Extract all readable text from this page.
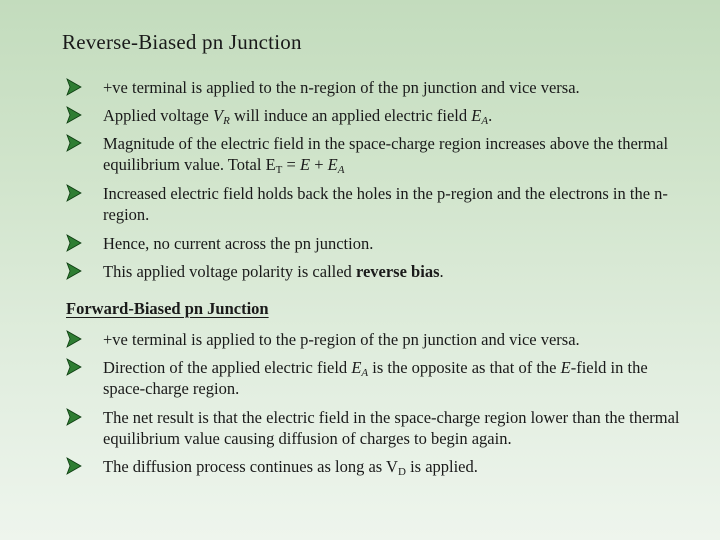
Reverse-Biased pn Junction
+ve terminal is applied to the n-region of the pn junction and vice versa.
Applied voltage $V_R$ will induce an applied electric field $E_A$.
Magnitude of the electric field in the space-charge region increases above the thermal equilibrium value. Total $E_T = E + E_A$
Increased electric field holds back the holes in the p-region and the electrons in the n-region.
Hence, no current across the pn junction.
This applied voltage polarity is called reverse bias.
Forward-Biased pn Junction
+ve terminal is applied to the p-region of the pn junction and vice versa.
Direction of the applied electric field $E_A$ is the opposite as that of the E-field in the space-charge region.
The net result is that the electric field in the space-charge region lower than the thermal equilibrium value causing diffusion of charges to begin again.
The diffusion process continues as long as $V_D$ is applied.
